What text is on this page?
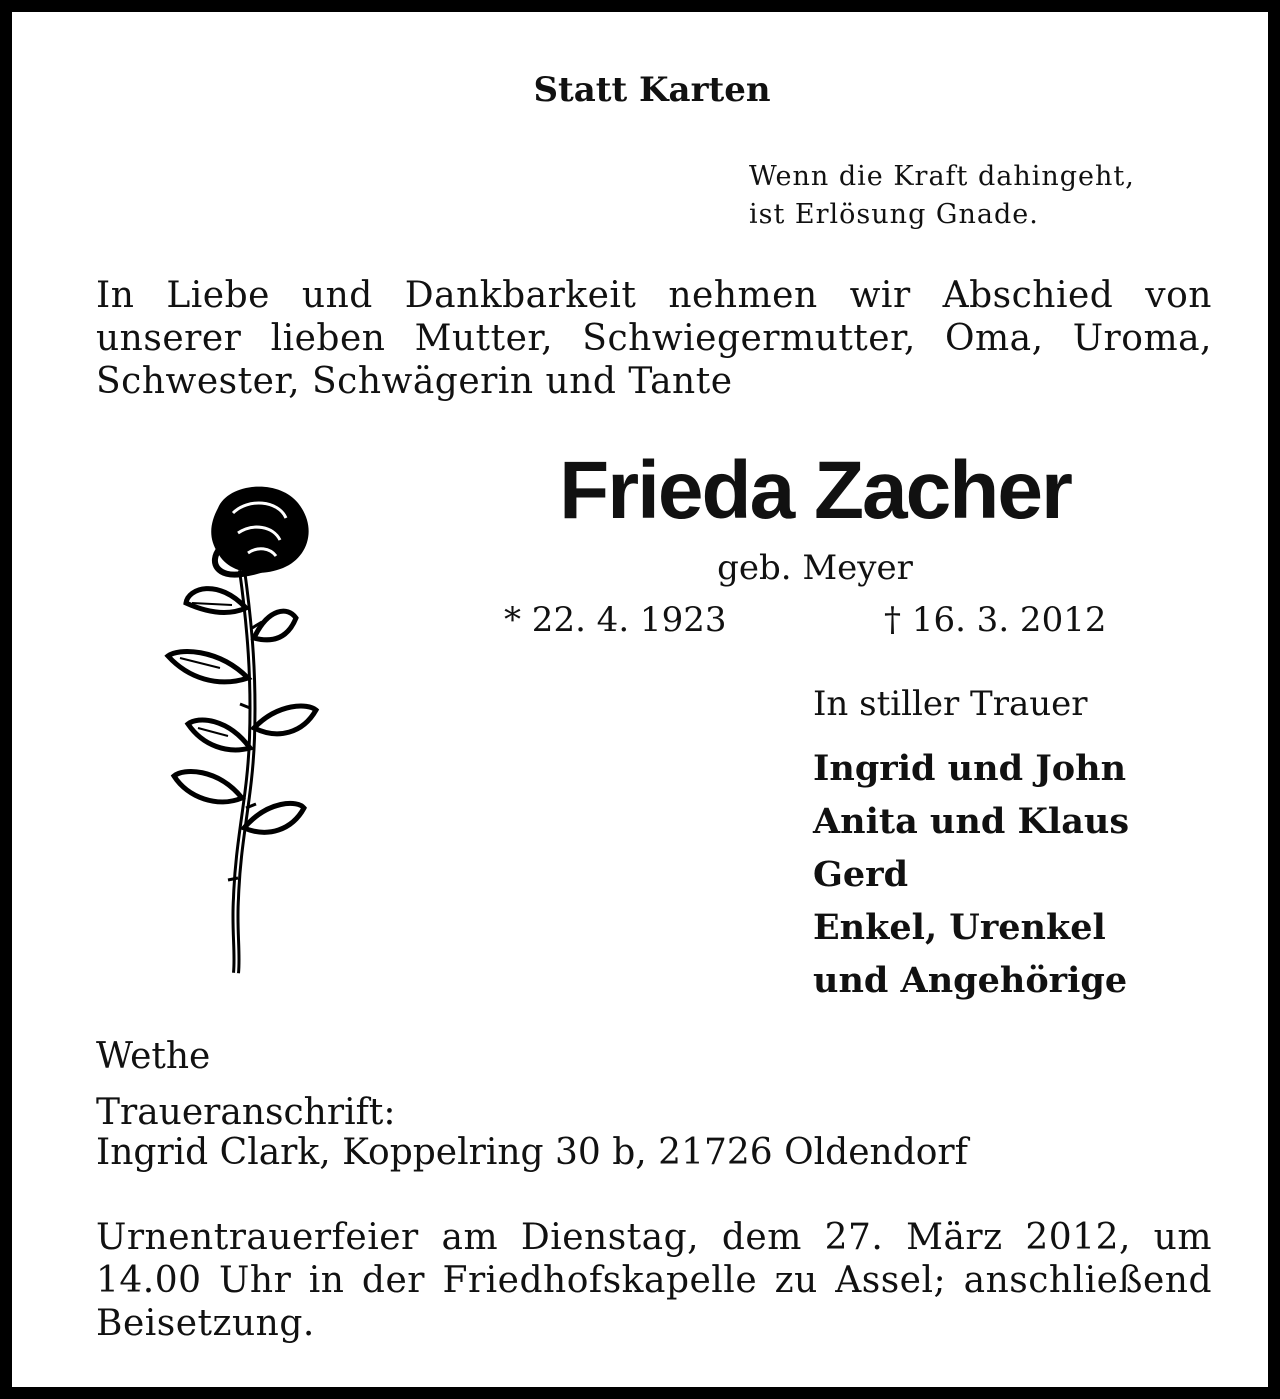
Statt Karten
Wenn die Kraft dahingeht,
ist Erlösung Gnade.

In Liebe und Dankbarkeit nehmen wir Abschied von unserer lieben Mutter, Schwiegermutter, Oma, Uroma, Schwester, Schwägerin und Tante

Frieda Zacher
geb. Meyer
* 22. 4. 1923	† 16. 3. 2012
In stiller Trauer
Ingrid und John
Anita und Klaus
Gerd
Enkel, Urenkel
und Angehörige
Wethe
Traueranschrift:
Ingrid Clark, Koppelring 30 b, 21726 Oldendorf

Urnentrauerfeier am Dienstag, dem 27. März 2012, um 14.00 Uhr in der Friedhofskapelle zu Assel; anschließend Beisetzung.
